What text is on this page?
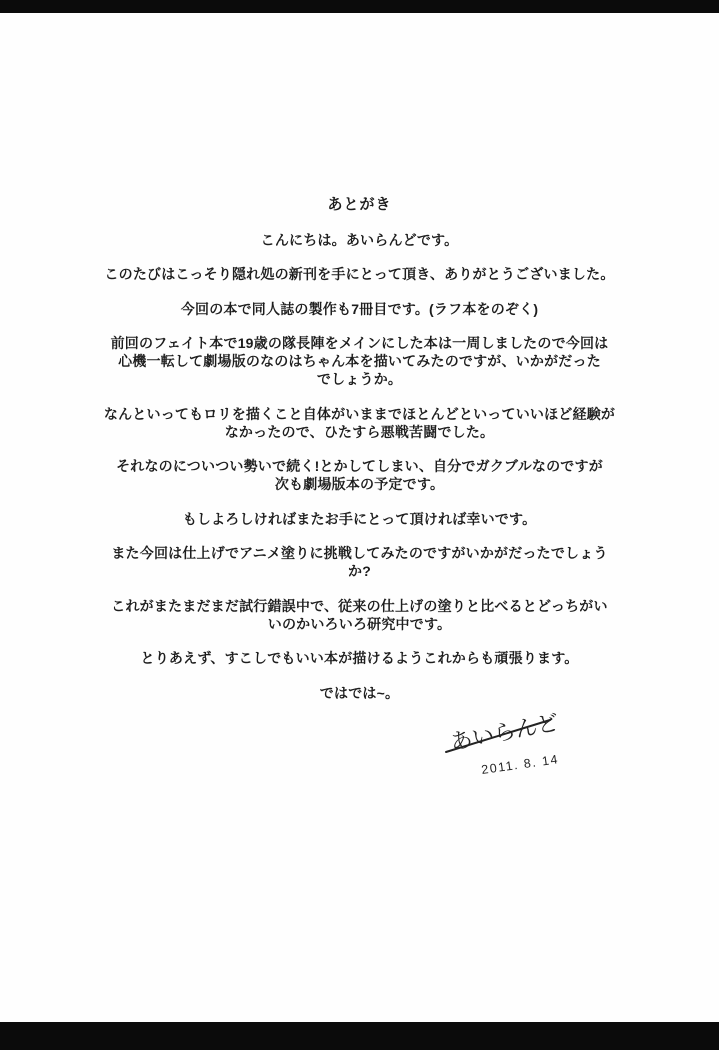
あとがき

こんにちは。あいらんどです。

このたびはこっそり隠れ処の新刊を手にとって頂き、ありがとうございました。

今回の本で同人誌の製作も7冊目です。(ラフ本をのぞく)

前回のフェイト本で19歳の隊長陣をメインにした本は一周しましたので今回は
心機一転して劇場版のなのはちゃん本を描いてみたのですが、いかがだった
でしょうか。

なんといってもロリを描くこと自体がいままでほとんどといっていいほど経験が
なかったので、ひたすら悪戦苦闘でした。

それなのについつい勢いで続く!とかしてしまい、自分でガクブルなのですが
次も劇場版本の予定です。

もしよろしければまたお手にとって頂ければ幸いです。

また今回は仕上げでアニメ塗りに挑戦してみたのですがいかがだったでしょう
か?

これがまたまだまだ試行錯誤中で、従来の仕上げの塗りと比べるとどっちがい
いのかいろいろ研究中です。

とりあえず、すこしでもいい本が描けるようこれからも頑張ります。

ではでは~。

あいらんど
2011. 8. 14
